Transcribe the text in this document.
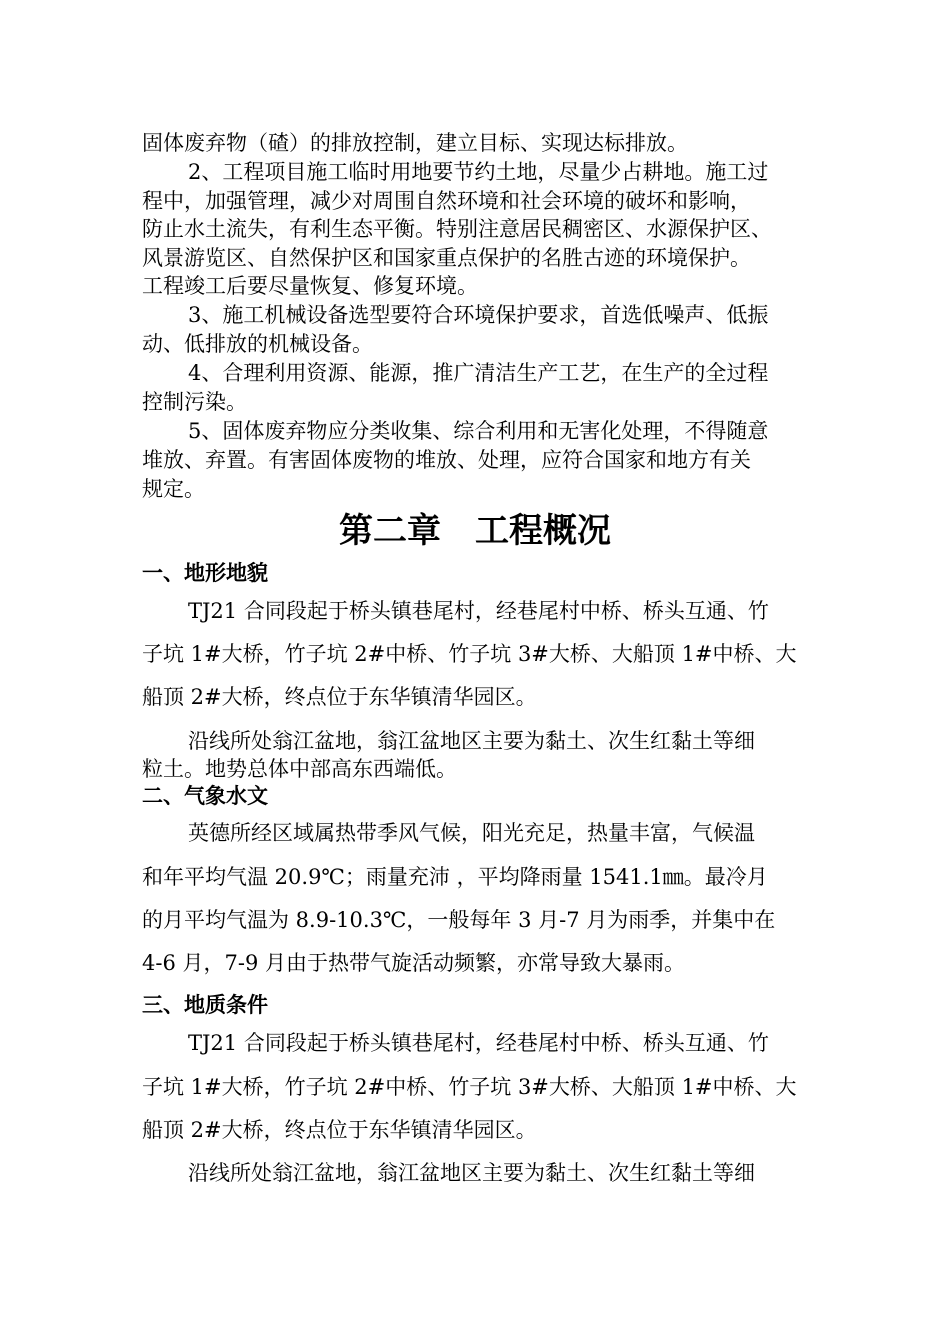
固体废弃物（碴）的排放控制，建立目标、实现达标排放。

2、工程项目施工临时用地要节约土地，尽量少占耕地。施工过

程中，加强管理，减少对周围自然环境和社会环境的破坏和影响，

防止水土流失，有利生态平衡。特别注意居民稠密区、水源保护区、

风景游览区、自然保护区和国家重点保护的名胜古迹的环境保护。

工程竣工后要尽量恢复、修复环境。

3、施工机械设备选型要符合环境保护要求，首选低噪声、低振

动、低排放的机械设备。

4、合理利用资源、能源，推广清洁生产工艺，在生产的全过程

控制污染。

5、固体废弃物应分类收集、综合利用和无害化处理，不得随意

堆放、弃置。有害固体废物的堆放、处理，应符合国家和地方有关

规定。

第二章　工程概况
一、地形地貌

TJ21 合同段起于桥头镇巷尾村，经巷尾村中桥、桥头互通、竹

子坑 1#大桥，竹子坑 2#中桥、竹子坑 3#大桥、大船顶 1#中桥、大

船顶 2#大桥，终点位于东华镇清华园区。

沿线所处翁江盆地，翁江盆地区主要为黏土、次生红黏土等细

粒土。地势总体中部高东西端低。

二、气象水文

英德所经区域属热带季风气候，阳光充足，热量丰富，气候温

和年平均气温 20.9℃；雨量充沛 ，平均降雨量 1541.1㎜。最冷月

的月平均气温为 8.9-10.3℃，一般每年 3 月-7 月为雨季，并集中在

4-6 月，7-9 月由于热带气旋活动频繁，亦常导致大暴雨。

三、地质条件

TJ21 合同段起于桥头镇巷尾村，经巷尾村中桥、桥头互通、竹

子坑 1#大桥，竹子坑 2#中桥、竹子坑 3#大桥、大船顶 1#中桥、大

船顶 2#大桥，终点位于东华镇清华园区。

沿线所处翁江盆地，翁江盆地区主要为黏土、次生红黏土等细
